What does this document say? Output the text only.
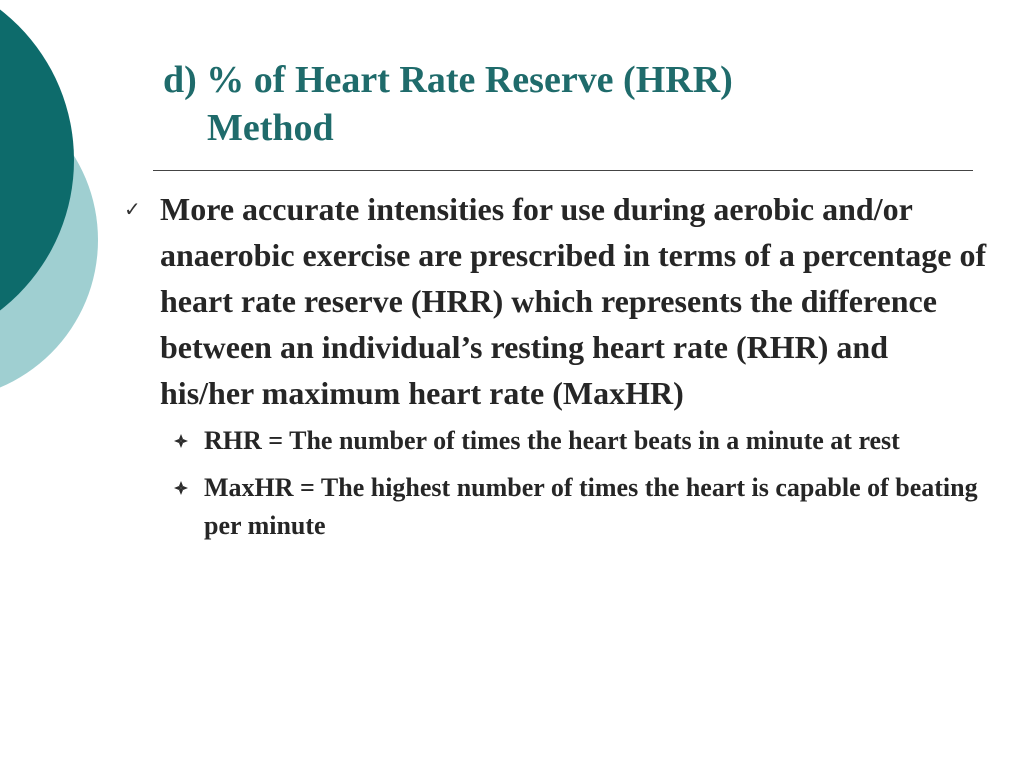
d) % of Heart Rate Reserve (HRR)
Method
✓ More accurate intensities for use during aerobic and/or anaerobic exercise are prescribed in terms of a percentage of heart rate reserve (HRR) which represents the difference between an individual’s resting heart rate (RHR) and his/her maximum heart rate (MaxHR)
RHR = The number of times the heart beats in a minute at rest
MaxHR = The highest number of times the heart is capable of beating per minute
